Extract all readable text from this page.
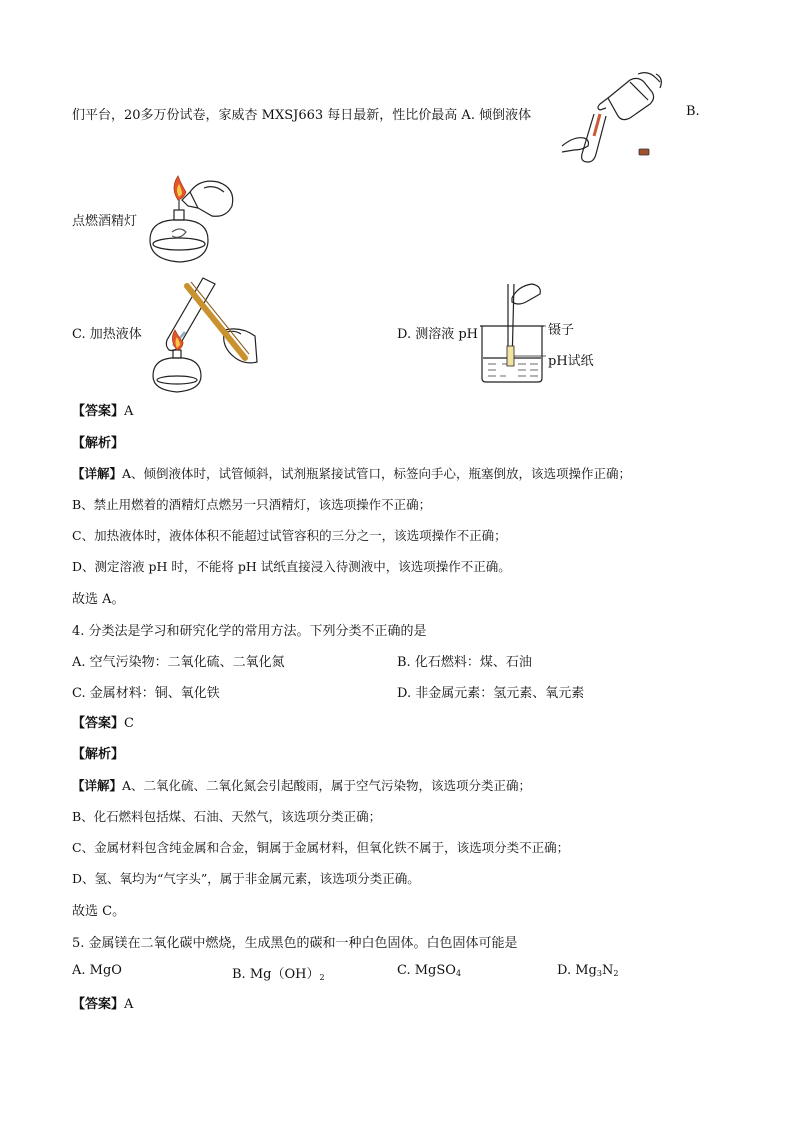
们平台，20多万份试卷，家威杏 MXSJ663 每日最新，性比价最高 A. 倾倒液体	B.
点燃酒精灯
C. 加热液体	D. 测溶液 pH	镊子
pH试纸
【答案】A
【解析】
【详解】A、倾倒液体时，试管倾斜，试剂瓶紧接试管口，标签向手心，瓶塞倒放，该选项操作正确；
B、禁止用燃着的酒精灯点燃另一只酒精灯，该选项操作不正确；
C、加热液体时，液体体积不能超过试管容积的三分之一，该选项操作不正确；
D、测定溶液 pH 时，不能将 pH 试纸直接浸入待测液中，该选项操作不正确。
故选 A。
4. 分类法是学习和研究化学的常用方法。下列分类不正确的是
A. 空气污染物：二氧化硫、二氧化氮	B. 化石燃料：煤、石油
C. 金属材料：铜、氧化铁	D. 非金属元素：氢元素、氧元素
【答案】C
【解析】
【详解】A、二氧化硫、二氧化氮会引起酸雨，属于空气污染物，该选项分类正确；
B、化石燃料包括煤、石油、天然气，该选项分类正确；
C、金属材料包含纯金属和合金，铜属于金属材料，但氧化铁不属于，该选项分类不正确；
D、氢、氧均为“气字头”，属于非金属元素，该选项分类正确。
故选 C。
5. 金属镁在二氧化碳中燃烧，生成黑色的碳和一种白色固体。白色固体可能是
A. MgO	B. $Mg(OH)_2$	C. MgSO$_4$	D. $Mg_3N_2$
【答案】A
